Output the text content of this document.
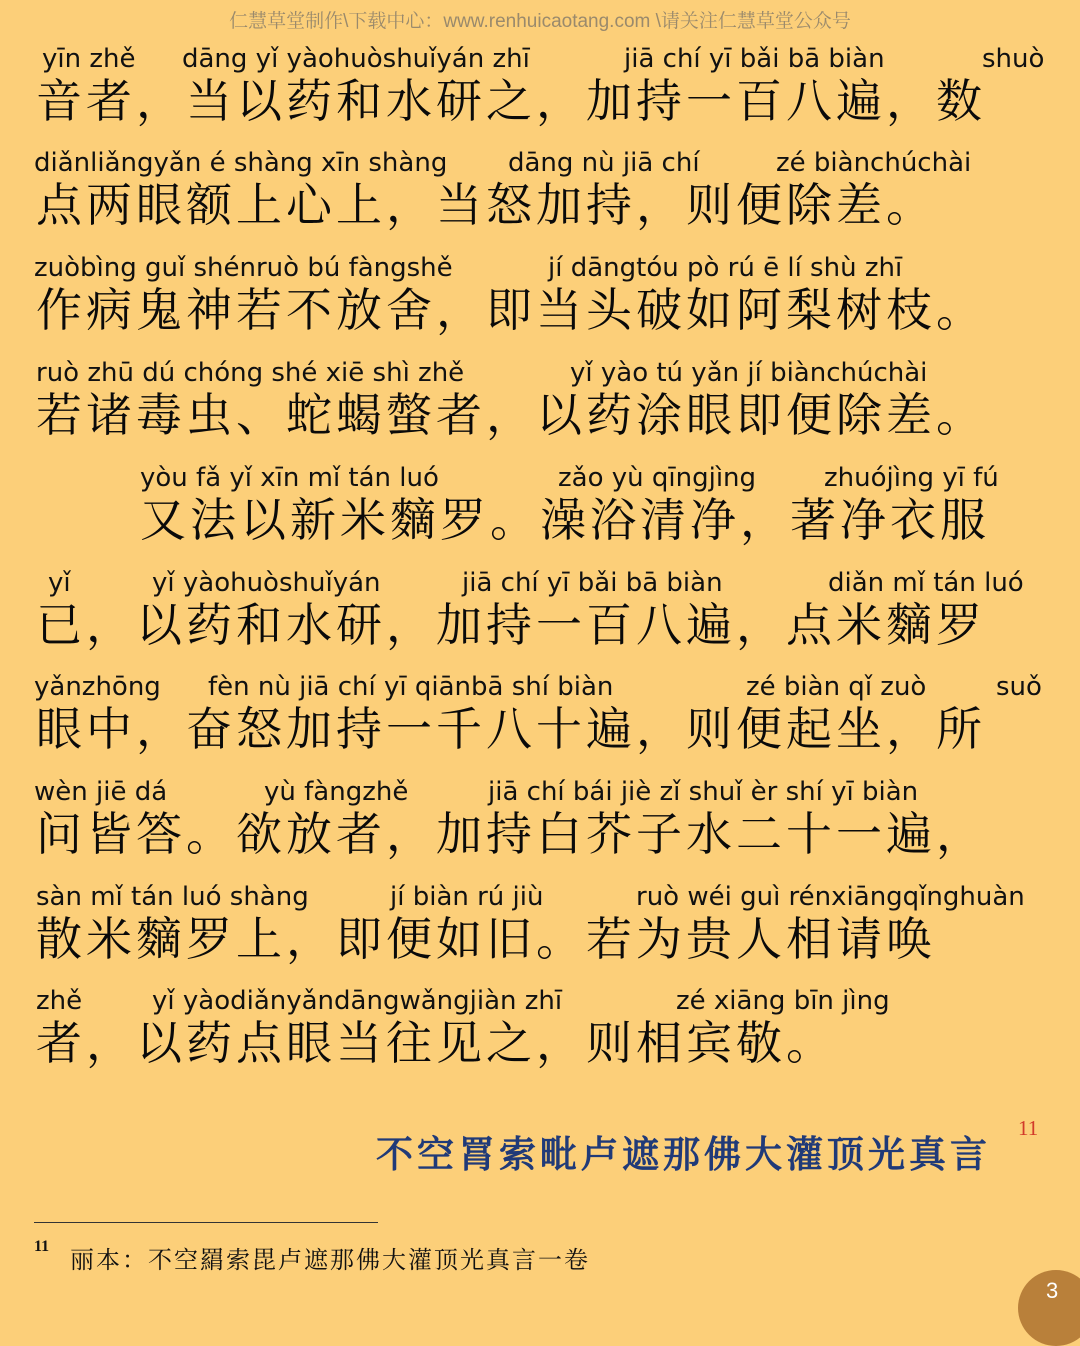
仁慧草堂制作\下载中心：www.renhuicaotang.com \请关注仁慧草堂公众号
yīn zhě dāng yǐ yàohuòshuǐyán zhī	jiā chí yī bǎi bā biàn	shuò
音者，当以药和水研之，加持一百八遍，数
diǎnliǎngyǎn é shàng xīn shàng dāng nù jiā chí	zé biànchúchài
点两眼额上心上，当怒加持，则便除差。
zuòbìng guǐ shénruò bú fàngshě	jí dāngtóu pò rú ē lí shù zhī
作病鬼神若不放舍，即当头破如阿梨树枝。
ruò zhū dú chóng shé xiē shì zhě	yǐ yào tú yǎn jí biànchúchài
若诸毒虫、蛇蝎螫者，以药涂眼即便除差。
yòu fǎ yǐ xīn mǐ tán luó	zǎo yù qīngjìng	zhuójìng yī fú
又法以新米䵂罗。澡浴清净，著净衣服
yǐ	yǐ yàohuòshuǐyán	jiā chí yī bǎi bā biàn	diǎn mǐ tán luó
已，以药和水研，加持一百八遍，点米䵂罗
yǎnzhōng fèn nù jiā chí yī qiānbā shí biàn	zé biàn qǐ zuò	suǒ
眼中，奋怒加持一千八十遍，则便起坐，所
wèn jiē dá	yù fàngzhě	jiā chí bái jiè zǐ shuǐ èr shí yī biàn
问皆答。欲放者，加持白芥子水二十一遍，
sàn mǐ tán luó shàng	jí biàn rú jiù	ruò wéi guì rénxiāngqǐnghuàn
散米䵂罗上，即便如旧。若为贵人相请唤
zhě	yǐ yàodiǎnyǎndāngwǎngjiàn zhī	zé xiāng bīn jìng
者，以药点眼当往见之，则相宾敬。
不空罥索毗卢遮那佛大灌顶光真言
11
11 丽本：不空羂索毘卢遮那佛大灌顶光真言一卷
3
